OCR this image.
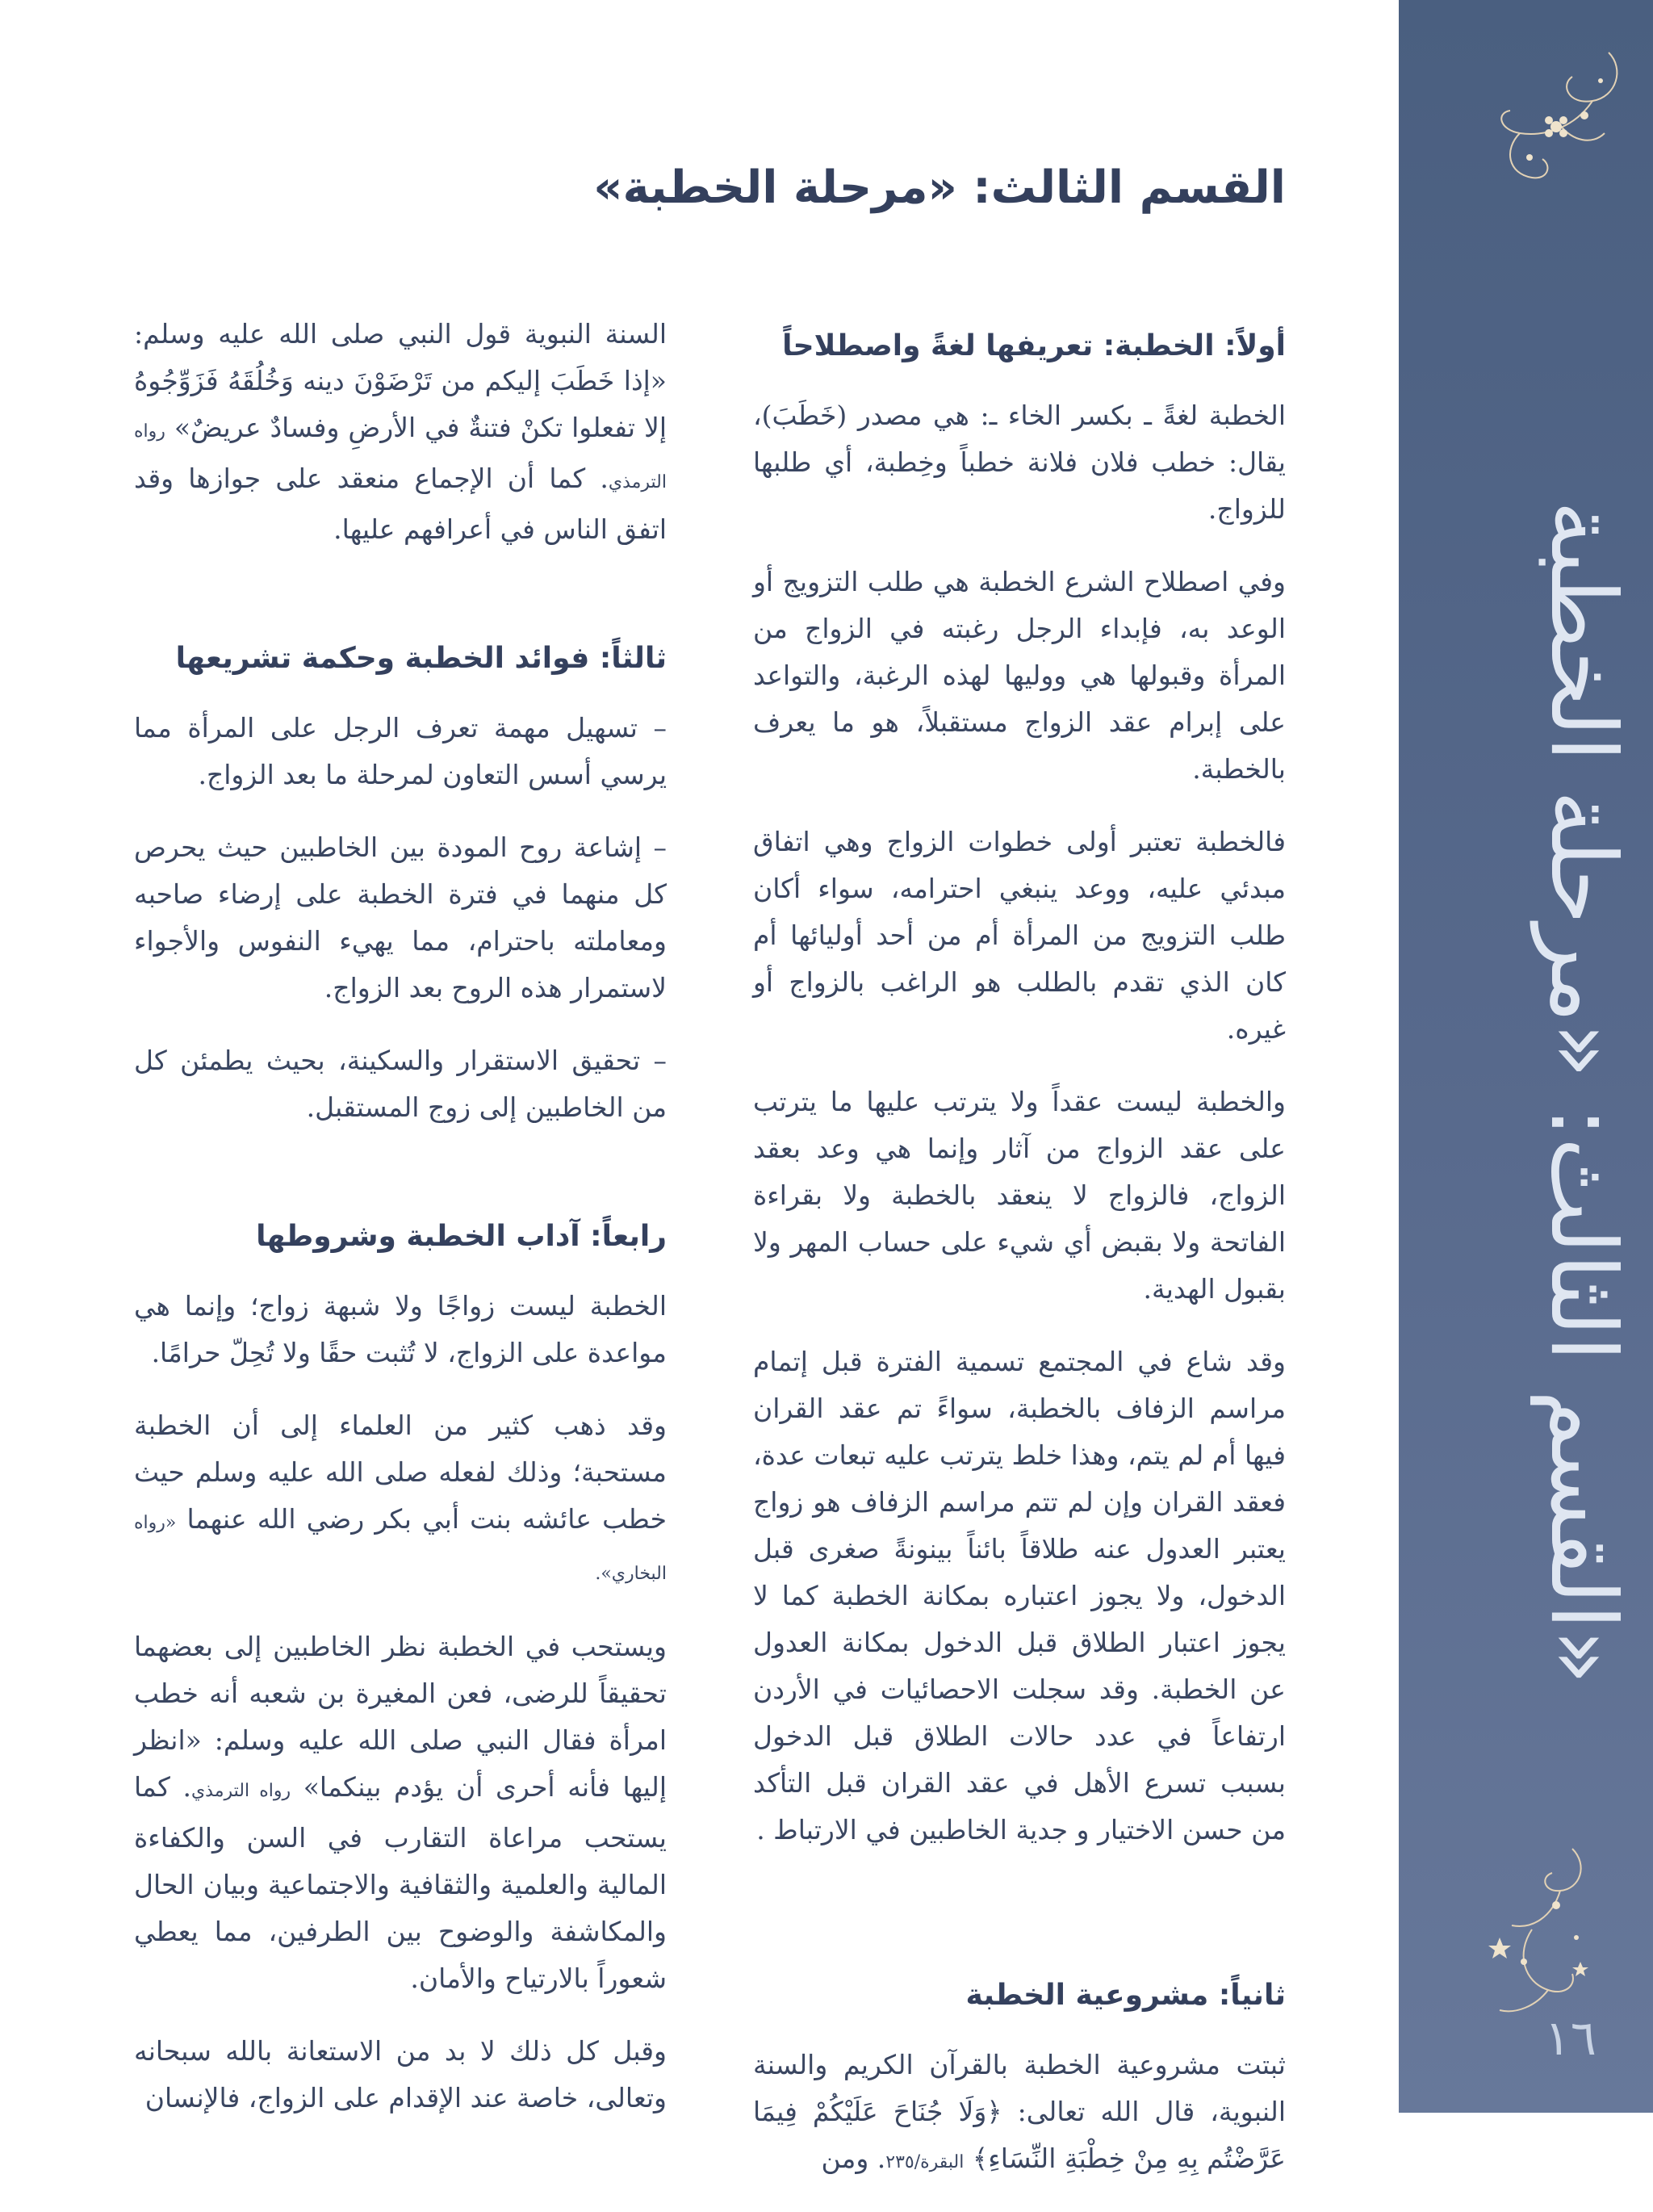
القسم الثالث: «مرحلة الخطبة»
١٦
القسم الثالث: «مرحلة الخطبة»

أولاً: الخطبة: تعريفها لغةً واصطلاحاً

الخطبة لغةً ـ بكسر الخاء ـ: هي مصدر (خَطَبَ)، يقال: خطب فلان فلانة خطباً وخِطبة، أي طلبها للزواج.

وفي اصطلاح الشرع الخطبة هي طلب التزويج أو الوعد به، فإبداء الرجل رغبته في الزواج من المرأة وقبولها هي ووليها لهذه الرغبة، والتواعد على إبرام عقد الزواج مستقبلاً، هو ما يعرف بالخطبة.

فالخطبة تعتبر أولى خطوات الزواج وهي اتفاق مبدئي عليه، ووعد ينبغي احترامه، سواء أكان طلب التزويج من المرأة أم من أحد أوليائها أم كان الذي تقدم بالطلب هو الراغب بالزواج أو غيره.

والخطبة ليست عقداً ولا يترتب عليها ما يترتب على عقد الزواج من آثار وإنما هي وعد بعقد الزواج، فالزواج لا ينعقد بالخطبة ولا بقراءة الفاتحة ولا بقبض أي شيء على حساب المهر ولا بقبول الهدية.

وقد شاع في المجتمع تسمية الفترة قبل إتمام مراسم الزفاف بالخطبة، سواءً تم عقد القران فيها أم لم يتم، وهذا خلط يترتب عليه تبعات عدة، فعقد القران وإن لم تتم مراسم الزفاف هو زواج يعتبر العدول عنه طلاقاً بائناً بينونةً صغرى قبل الدخول، ولا يجوز اعتباره بمكانة الخطبة كما لا يجوز اعتبار الطلاق قبل الدخول بمكانة العدول عن الخطبة. وقد سجلت الاحصائيات في الأردن ارتفاعاً في عدد حالات الطلاق قبل الدخول بسبب تسرع الأهل في عقد القران قبل التأكد من حسن الاختيار و جدية الخاطبين في الارتباط .

ثانياً: مشروعية الخطبة

ثبتت مشروعية الخطبة بالقرآن الكريم والسنة النبوية، قال الله تعالى: ﴿وَلَا جُنَاحَ عَلَيْكُمْ فِيمَا عَرَّضْتُم بِهِ مِنْ خِطْبَةِ النِّسَاءِ﴾ البقرة/٢٣٥. ومن

السنة النبوية قول النبي صلى الله عليه وسلم: «إذا خَطَبَ إليكم من تَرْضَوْنَ دينه وَخُلُقَهُ فَزَوِّجُوهُ إلا تفعلوا تكنْ فتنةٌ في الأرضِ وفسادٌ عريضٌ» رواه الترمذي. كما أن الإجماع منعقد على جوازها وقد اتفق الناس في أعرافهم عليها.

ثالثاً: فوائد الخطبة وحكمة تشريعها

– تسهيل مهمة تعرف الرجل على المرأة مما يرسي أسس التعاون لمرحلة ما بعد الزواج.

– إشاعة روح المودة بين الخاطبين حيث يحرص كل منهما في فترة الخطبة على إرضاء صاحبه ومعاملته باحترام، مما يهيء النفوس والأجواء لاستمرار هذه الروح بعد الزواج.

– تحقيق الاستقرار والسكينة، بحيث يطمئن كل من الخاطبين إلى زوج المستقبل.

رابعاً: آداب الخطبة وشروطها

الخطبة ليست زواجًا ولا شبهة زواج؛ وإنما هي مواعدة على الزواج، لا تُثبت حقًا ولا تُحِلّ حرامًا.

وقد ذهب كثير من العلماء إلى أن الخطبة مستحبة؛ وذلك لفعله صلى الله عليه وسلم حيث خطب عائشه بنت أبي بكر رضي الله عنهما «رواه البخاري».

ويستحب في الخطبة نظر الخاطبين إلى بعضهما تحقيقاً للرضى، فعن المغيرة بن شعبه أنه خطب امرأة فقال النبي صلى الله عليه وسلم: «انظر إليها فأنه أحرى أن يؤدم بينكما» رواه الترمذي. كما يستحب مراعاة التقارب في السن والكفاءة المالية والعلمية والثقافية والاجتماعية وبيان الحال والمكاشفة والوضوح بين الطرفين، مما يعطي شعوراً بالارتياح والأمان.

وقبل كل ذلك لا بد من الاستعانة بالله سبحانه وتعالى، خاصة عند الإقدام على الزواج، فالإنسان
